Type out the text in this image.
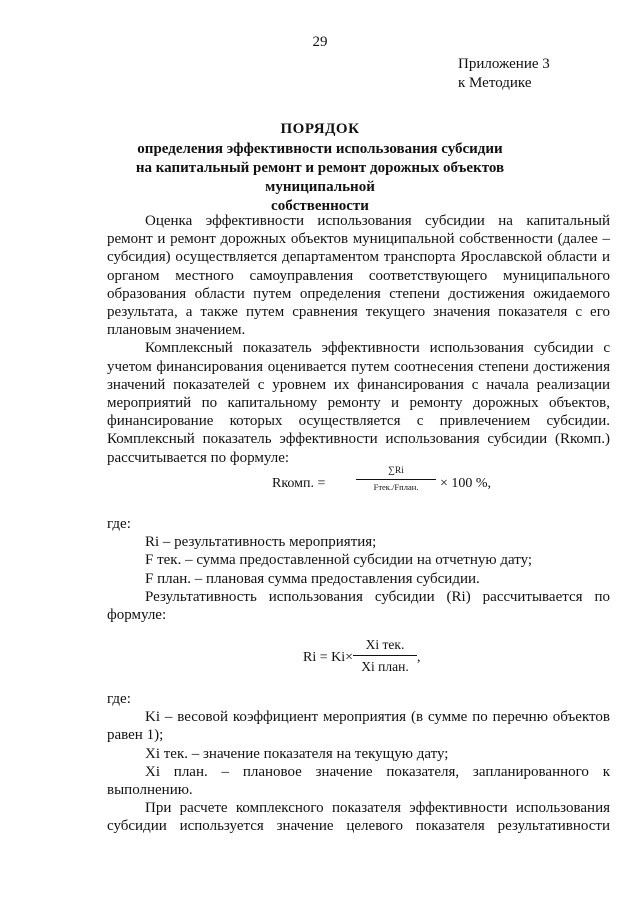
29
Приложение 3
к Методике
ПОРЯДОК
определения эффективности использования субсидии
на капитальный ремонт и ремонт дорожных объектов муниципальной
собственности

Оценка эффективности использования субсидии на капитальный ремонт и ремонт дорожных объектов муниципальной собственности (далее – субсидия) осуществляется департаментом транспорта Ярославской области и органом местного самоуправления соответствующего муниципального образования области путем определения степени достижения ожидаемого результата, а также путем сравнения текущего значения показателя с его плановым значением.

Комплексный показатель эффективности использования субсидии с учетом финансирования оценивается путем соотнесения степени достижения значений показателей с уровнем их финансирования с начала реализации мероприятий по капитальному ремонту и ремонту дорожных объектов, финансирование которых осуществляется с привлечением субсидии. Комплексный показатель эффективности использования субсидии (Rкомп.) рассчитывается по формуле:

Rкомп. =
∑Ri
Fтек./Fплан.	× 100 %,

где:

Ri – результативность мероприятия;

F тек. – сумма предоставленной субсидии на отчетную дату;

F план. – плановая сумма предоставления субсидии.

Результативность использования субсидии (Ri) рассчитывается по формуле:

Ri = Ki×
Xi тек.
Xi план.
,

где:

Ki – весовой коэффициент мероприятия (в сумме по перечню объектов равен 1);

Xi тек. – значение показателя на текущую дату;

Xi план. – плановое значение показателя, запланированного к выполнению.

При расчете комплексного показателя эффективности использования субсидии используется значение целевого показателя результативности
